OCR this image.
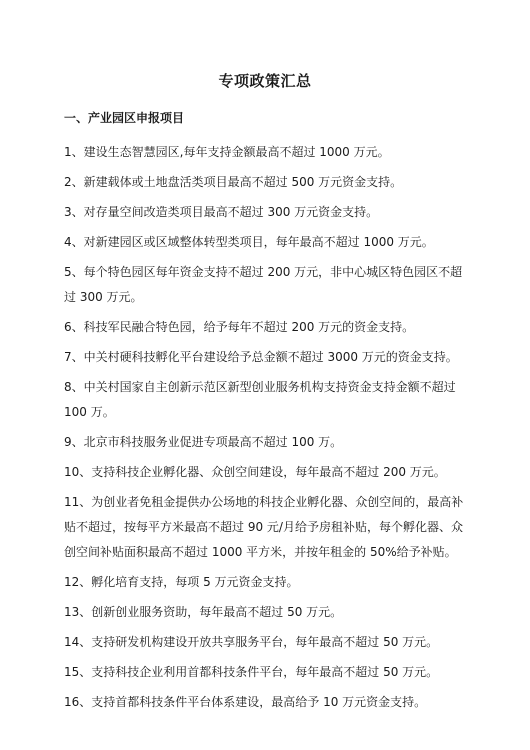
专项政策汇总
一、产业园区申报项目
1、建设生态智慧园区,每年支持金额最高不超过 1000 万元。
2、新建载体或土地盘活类项目最高不超过 500 万元资金支持。
3、对存量空间改造类项目最高不超过 300 万元资金支持。
4、对新建园区或区域整体转型类项目，每年最高不超过 1000 万元。
5、每个特色园区每年资金支持不超过 200 万元，非中心城区特色园区不超过 300 万元。
6、科技军民融合特色园，给予每年不超过 200 万元的资金支持。
7、中关村硬科技孵化平台建设给予总金额不超过 3000 万元的资金支持。
8、中关村国家自主创新示范区新型创业服务机构支持资金支持金额不超过 100 万。
9、北京市科技服务业促进专项最高不超过 100 万。
10、支持科技企业孵化器、众创空间建设，每年最高不超过 200 万元。
11、为创业者免租金提供办公场地的科技企业孵化器、众创空间的，最高补贴不超过，按每平方米最高不超过 90 元/月给予房租补贴，每个孵化器、众创空间补贴面积最高不超过 1000 平方米，并按年租金的 50%给予补贴。
12、孵化培育支持，每项 5 万元资金支持。
13、创新创业服务资助，每年最高不超过 50 万元。
14、支持研发机构建设开放共享服务平台，每年最高不超过 50 万元。
15、支持科技企业利用首都科技条件平台，每年最高不超过 50 万元。
16、支持首都科技条件平台体系建设，最高给予 10 万元资金支持。
